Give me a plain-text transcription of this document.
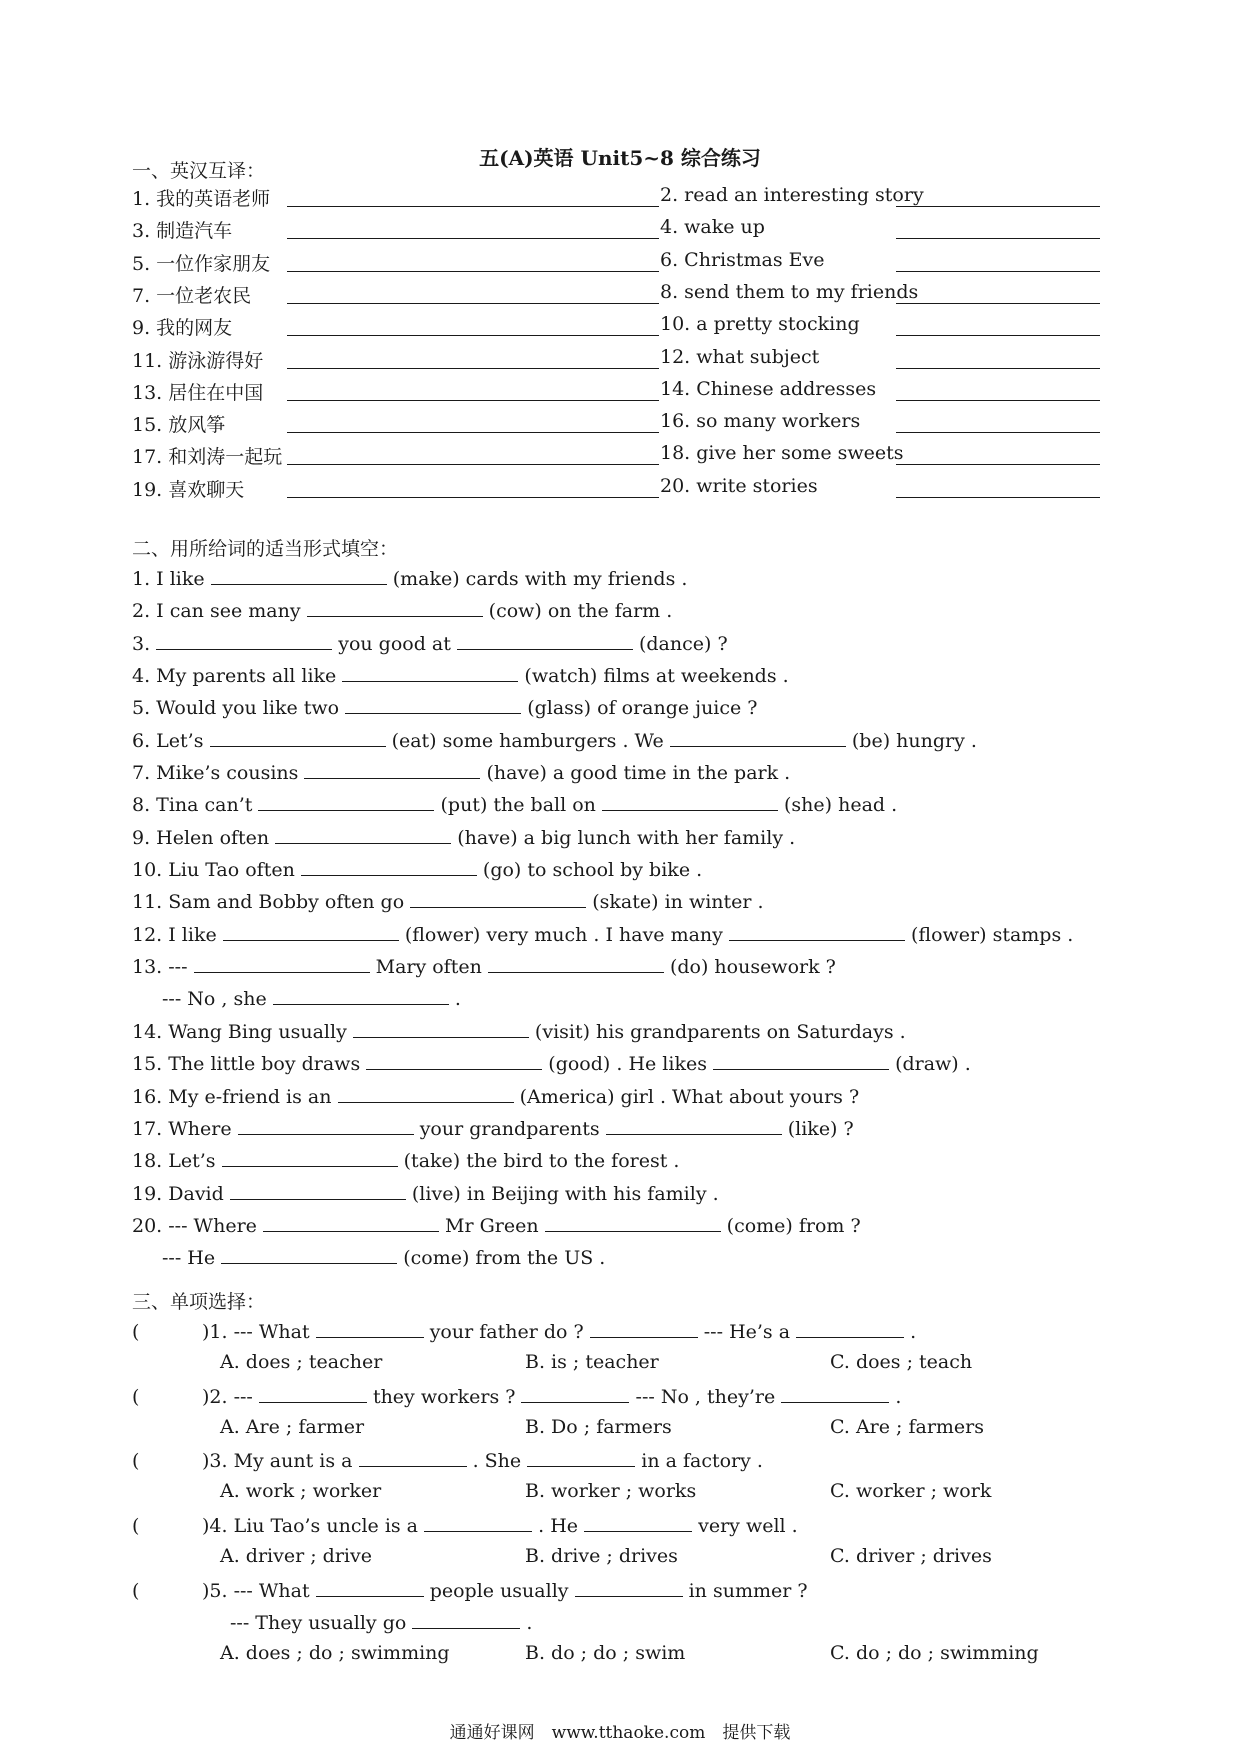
五(A)英语 Unit5~8 综合练习
一、英汉互译：
1. 我的英语老师	2. read an interesting story
3. 制造汽车	4. wake up
5. 一位作家朋友	6. Christmas Eve
7. 一位老农民	8. send them to my friends
9. 我的网友	10. a pretty stocking
11. 游泳游得好	12. what subject
13. 居住在中国	14. Chinese addresses
15. 放风筝	16. so many workers
17. 和刘涛一起玩	18. give her some sweets
19. 喜欢聊天	20. write stories
二、用所给词的适当形式填空：
1. I like	(make) cards with my friends .
2. I can see many	(cow) on the farm .
3.	you good at	(dance) ?
4. My parents all like	(watch) films at weekends .
5. Would you like two	(glass) of orange juice ?
6. Let’s	(eat) some hamburgers . We	(be) hungry .
7. Mike’s cousins	(have) a good time in the park .
8. Tina can’t	(put) the ball on	(she) head .
9. Helen often	(have) a big lunch with her family .
10. Liu Tao often	(go) to school by bike .
11. Sam and Bobby often go	(skate) in winter .
12. I like	(flower) very much . I have many	(flower) stamps .
13. ---	Mary often	(do) housework ?
--- No , she	.
14. Wang Bing usually	(visit) his grandparents on Saturdays .
15. The little boy draws	(good) . He likes	(draw) .
16. My e-friend is an	(America) girl . What about yours ?
17. Where	your grandparents	(like) ?
18. Let’s	(take) the bird to the forest .
19. David	(live) in Beijing with his family .
20. --- Where	Mr Green	(come) from ?
--- He	(come) from the US .
三、单项选择：
(	)1. --- What	your father do ?	--- He’s a	.
A. does ; teacher	B. is ; teacher	C. does ; teach
(	)2. ---	they workers ?	--- No , they’re	.
A. Are ; farmer	B. Do ; farmers	C. Are ; farmers
(	)3. My aunt is a	. She	in a factory .
A. work ; worker	B. worker ; works	C. worker ; work
(	)4. Liu Tao’s uncle is a	. He	very well .
A. driver ; drive	B. drive ; drives	C. driver ; drives
(	)5. --- What	people usually	in summer ?
--- They usually go	.
A. does ; do ; swimming	B. do ; do ; swim	C. do ; do ; swimming
通通好课网　www.tthaoke.com　提供下载
